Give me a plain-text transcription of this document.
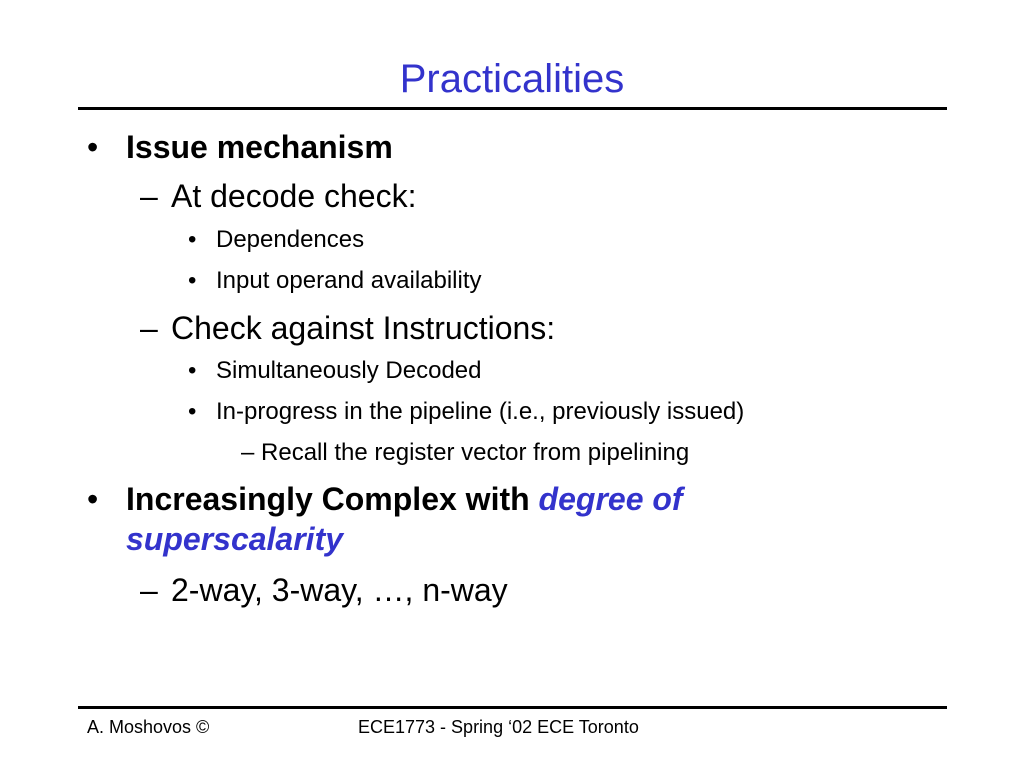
Practicalities
• Issue mechanism
– At decode check:
• Dependences
• Input operand availability
– Check against Instructions:
• Simultaneously Decoded
• In-progress in the pipeline (i.e., previously issued)
– Recall the register vector from pipelining
• Increasingly Complex with degree of
superscalarity
– 2-way, 3-way, …, n-way
A. Moshovos ©	ECE1773 - Spring ‘02 ECE Toronto
